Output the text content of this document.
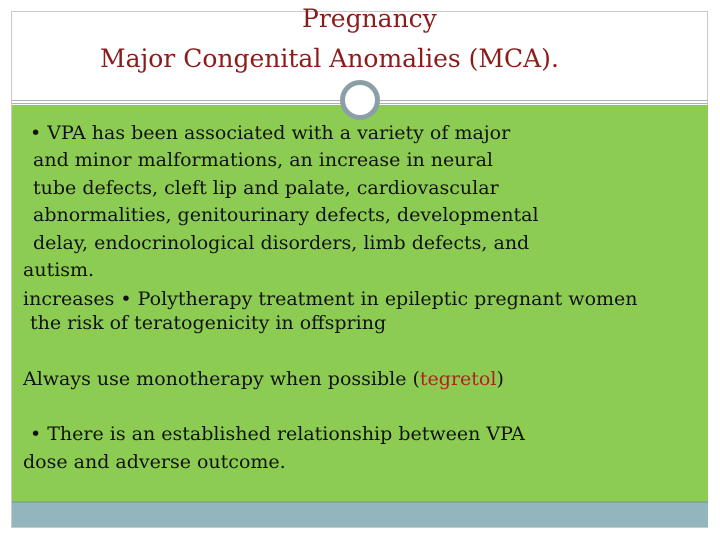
Pregnancy
Major Congenital Anomalies (MCA).
• VPA has been associated with a variety of major
and minor malformations, an increase in neural
tube defects, cleft lip and palate, cardiovascular
abnormalities, genitourinary defects, developmental
delay, endocrinological disorders, limb defects, and
autism.
increases • Polytherapy treatment in epileptic pregnant women
the risk of teratogenicity in offspring
Always use monotherapy when possible (tegretol)
• There is an established relationship between VPA
dose and adverse outcome.
